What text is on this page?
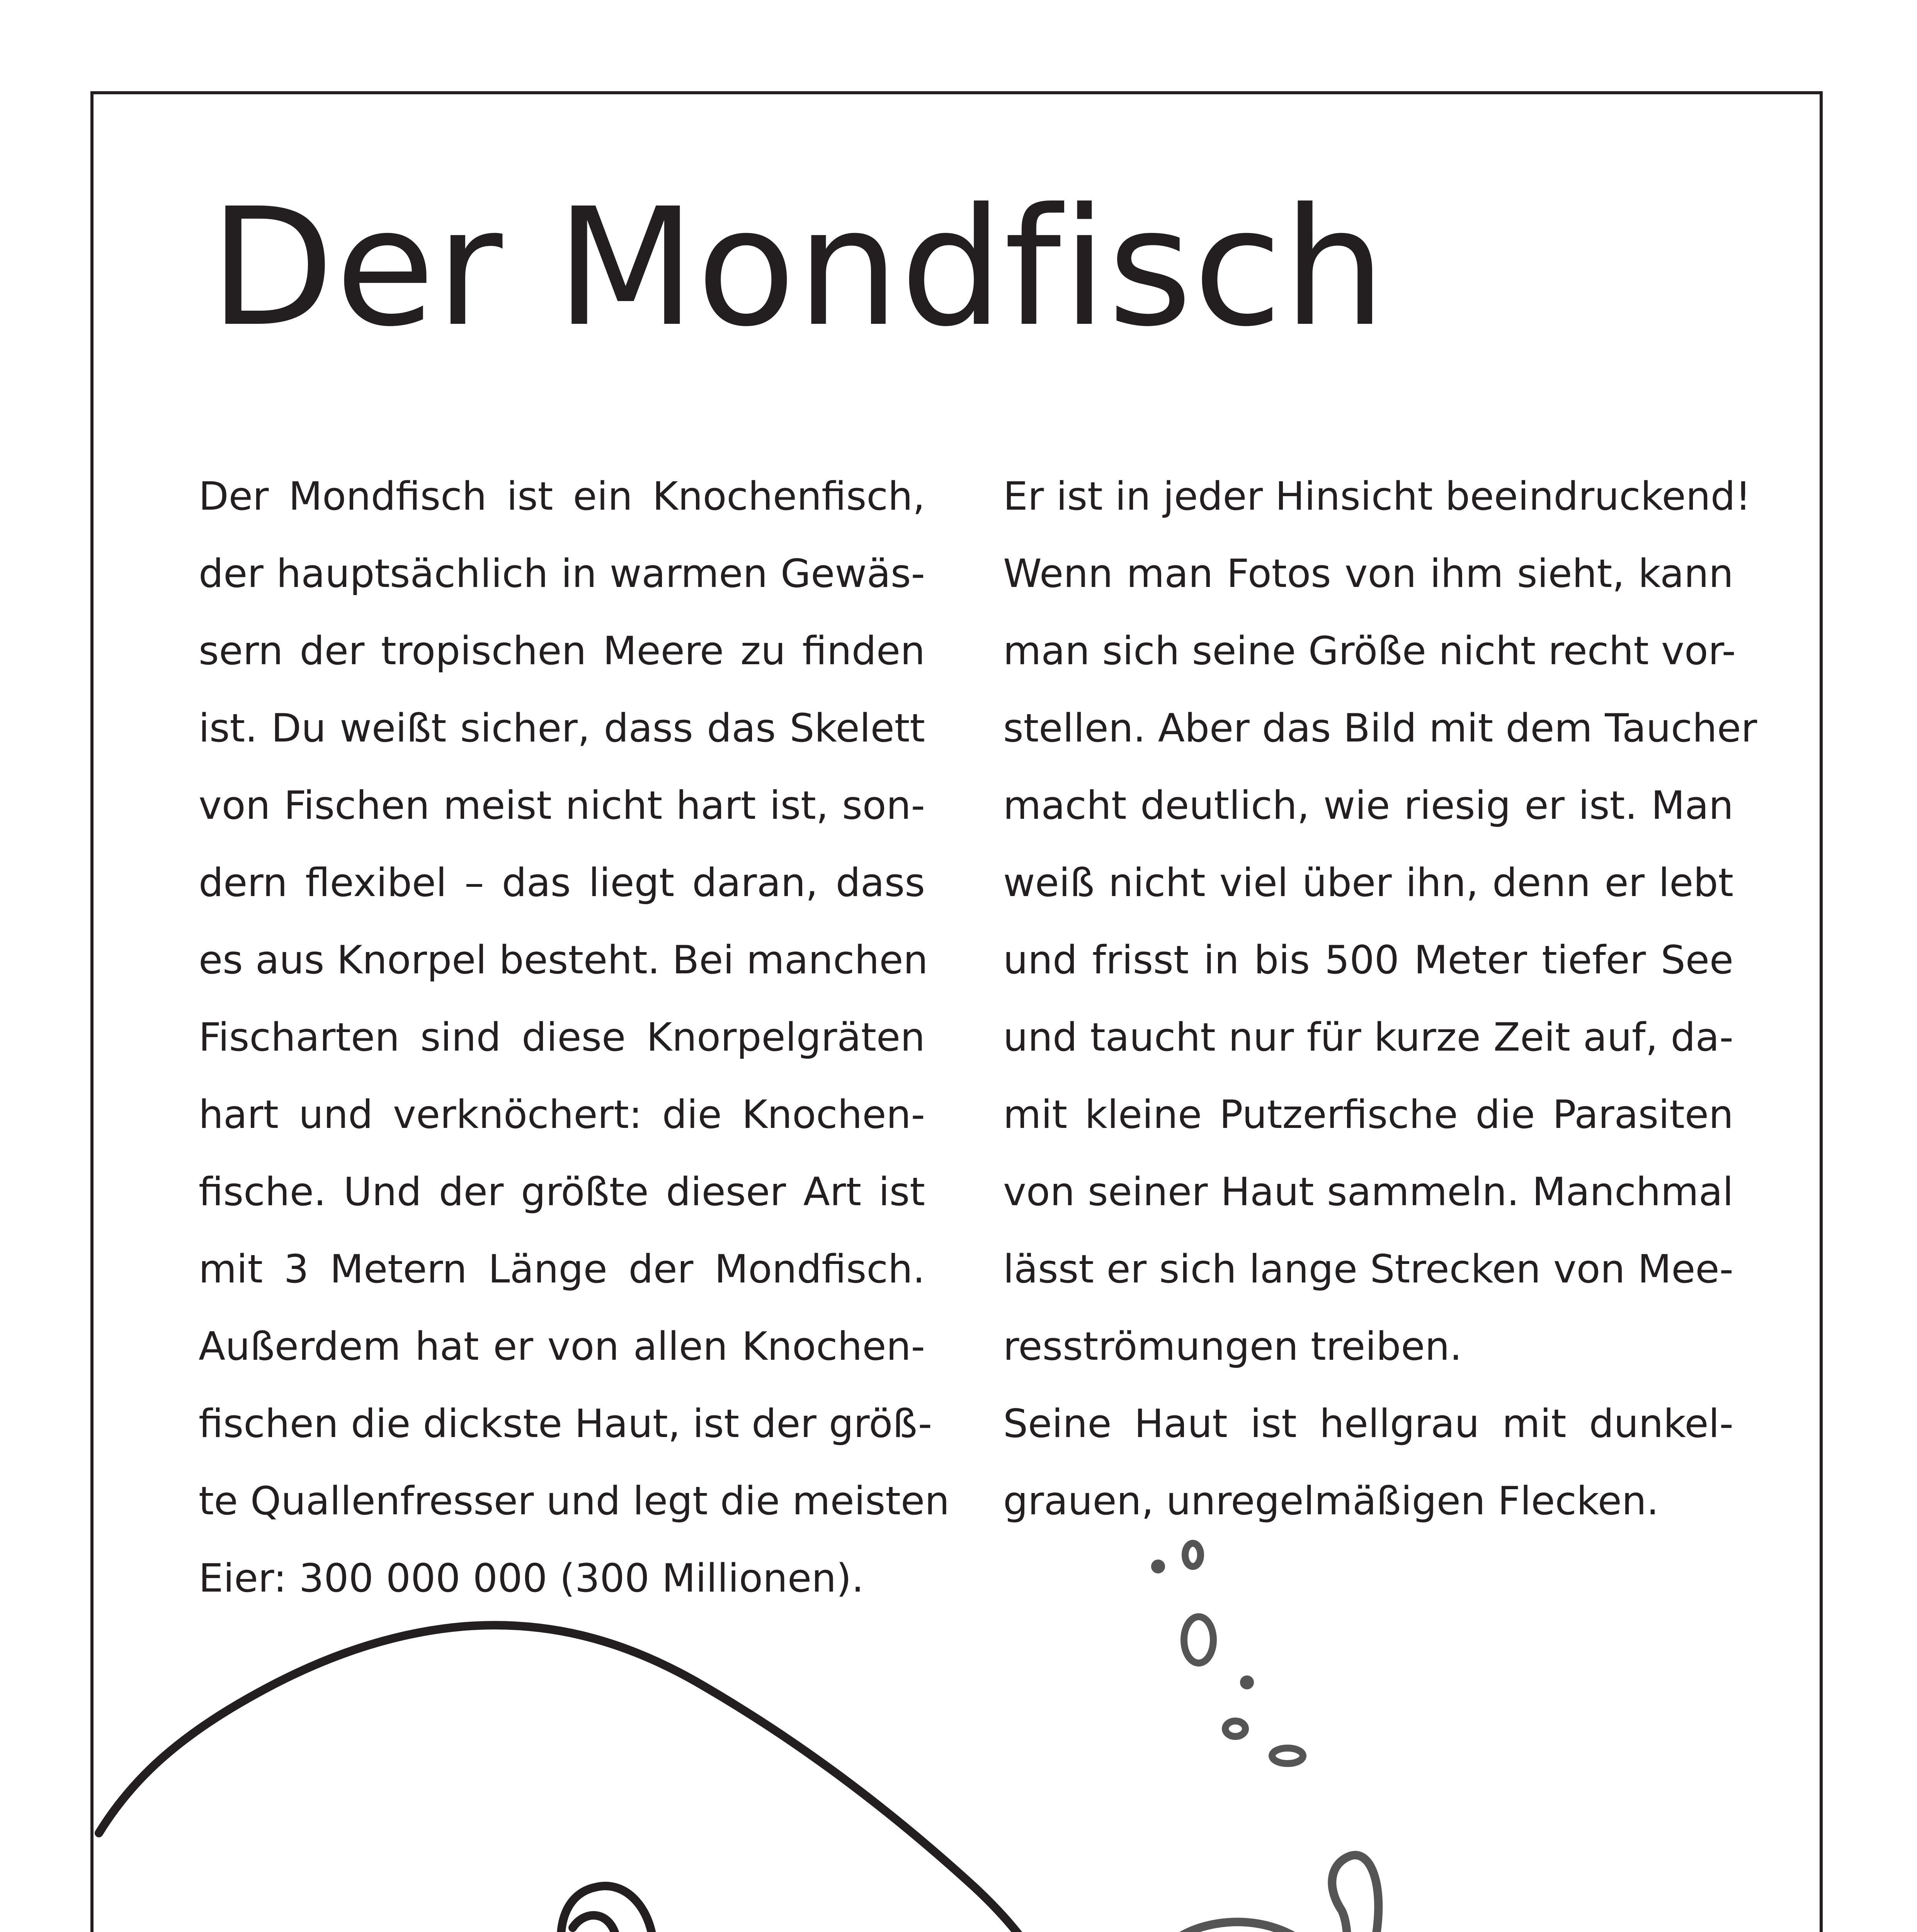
Der Mondfisch
Der Mondfisch ist ein Knochenfisch,
der hauptsächlich in warmen Gewäs-
sern der tropischen Meere zu finden
ist. Du weißt sicher, dass das Skelett
von Fischen meist nicht hart ist, son-
dern flexibel – das liegt daran, dass
es aus Knorpel besteht. Bei manchen
Fischarten sind diese Knorpelgräten
hart und verknöchert: die Knochen-
fische. Und der größte dieser Art ist
mit 3 Metern Länge der Mondfisch.
Außerdem hat er von allen Knochen-
fischen die dickste Haut, ist der größ-
te Quallenfresser und legt die meisten
Eier: 300 000 000 (300 Millionen).
Er ist in jeder Hinsicht beeindruckend!
Wenn man Fotos von ihm sieht, kann
man sich seine Größe nicht recht vor-
stellen. Aber das Bild mit dem Taucher
macht deutlich, wie riesig er ist. Man
weiß nicht viel über ihn, denn er lebt
und frisst in bis 500 Meter tiefer See
und taucht nur für kurze Zeit auf, da-
mit kleine Putzerfische die Parasiten
von seiner Haut sammeln. Manchmal
lässt er sich lange Strecken von Mee-
resströmungen treiben.
Seine Haut ist hellgrau mit dunkel-
grauen, unregelmäßigen Flecken.
